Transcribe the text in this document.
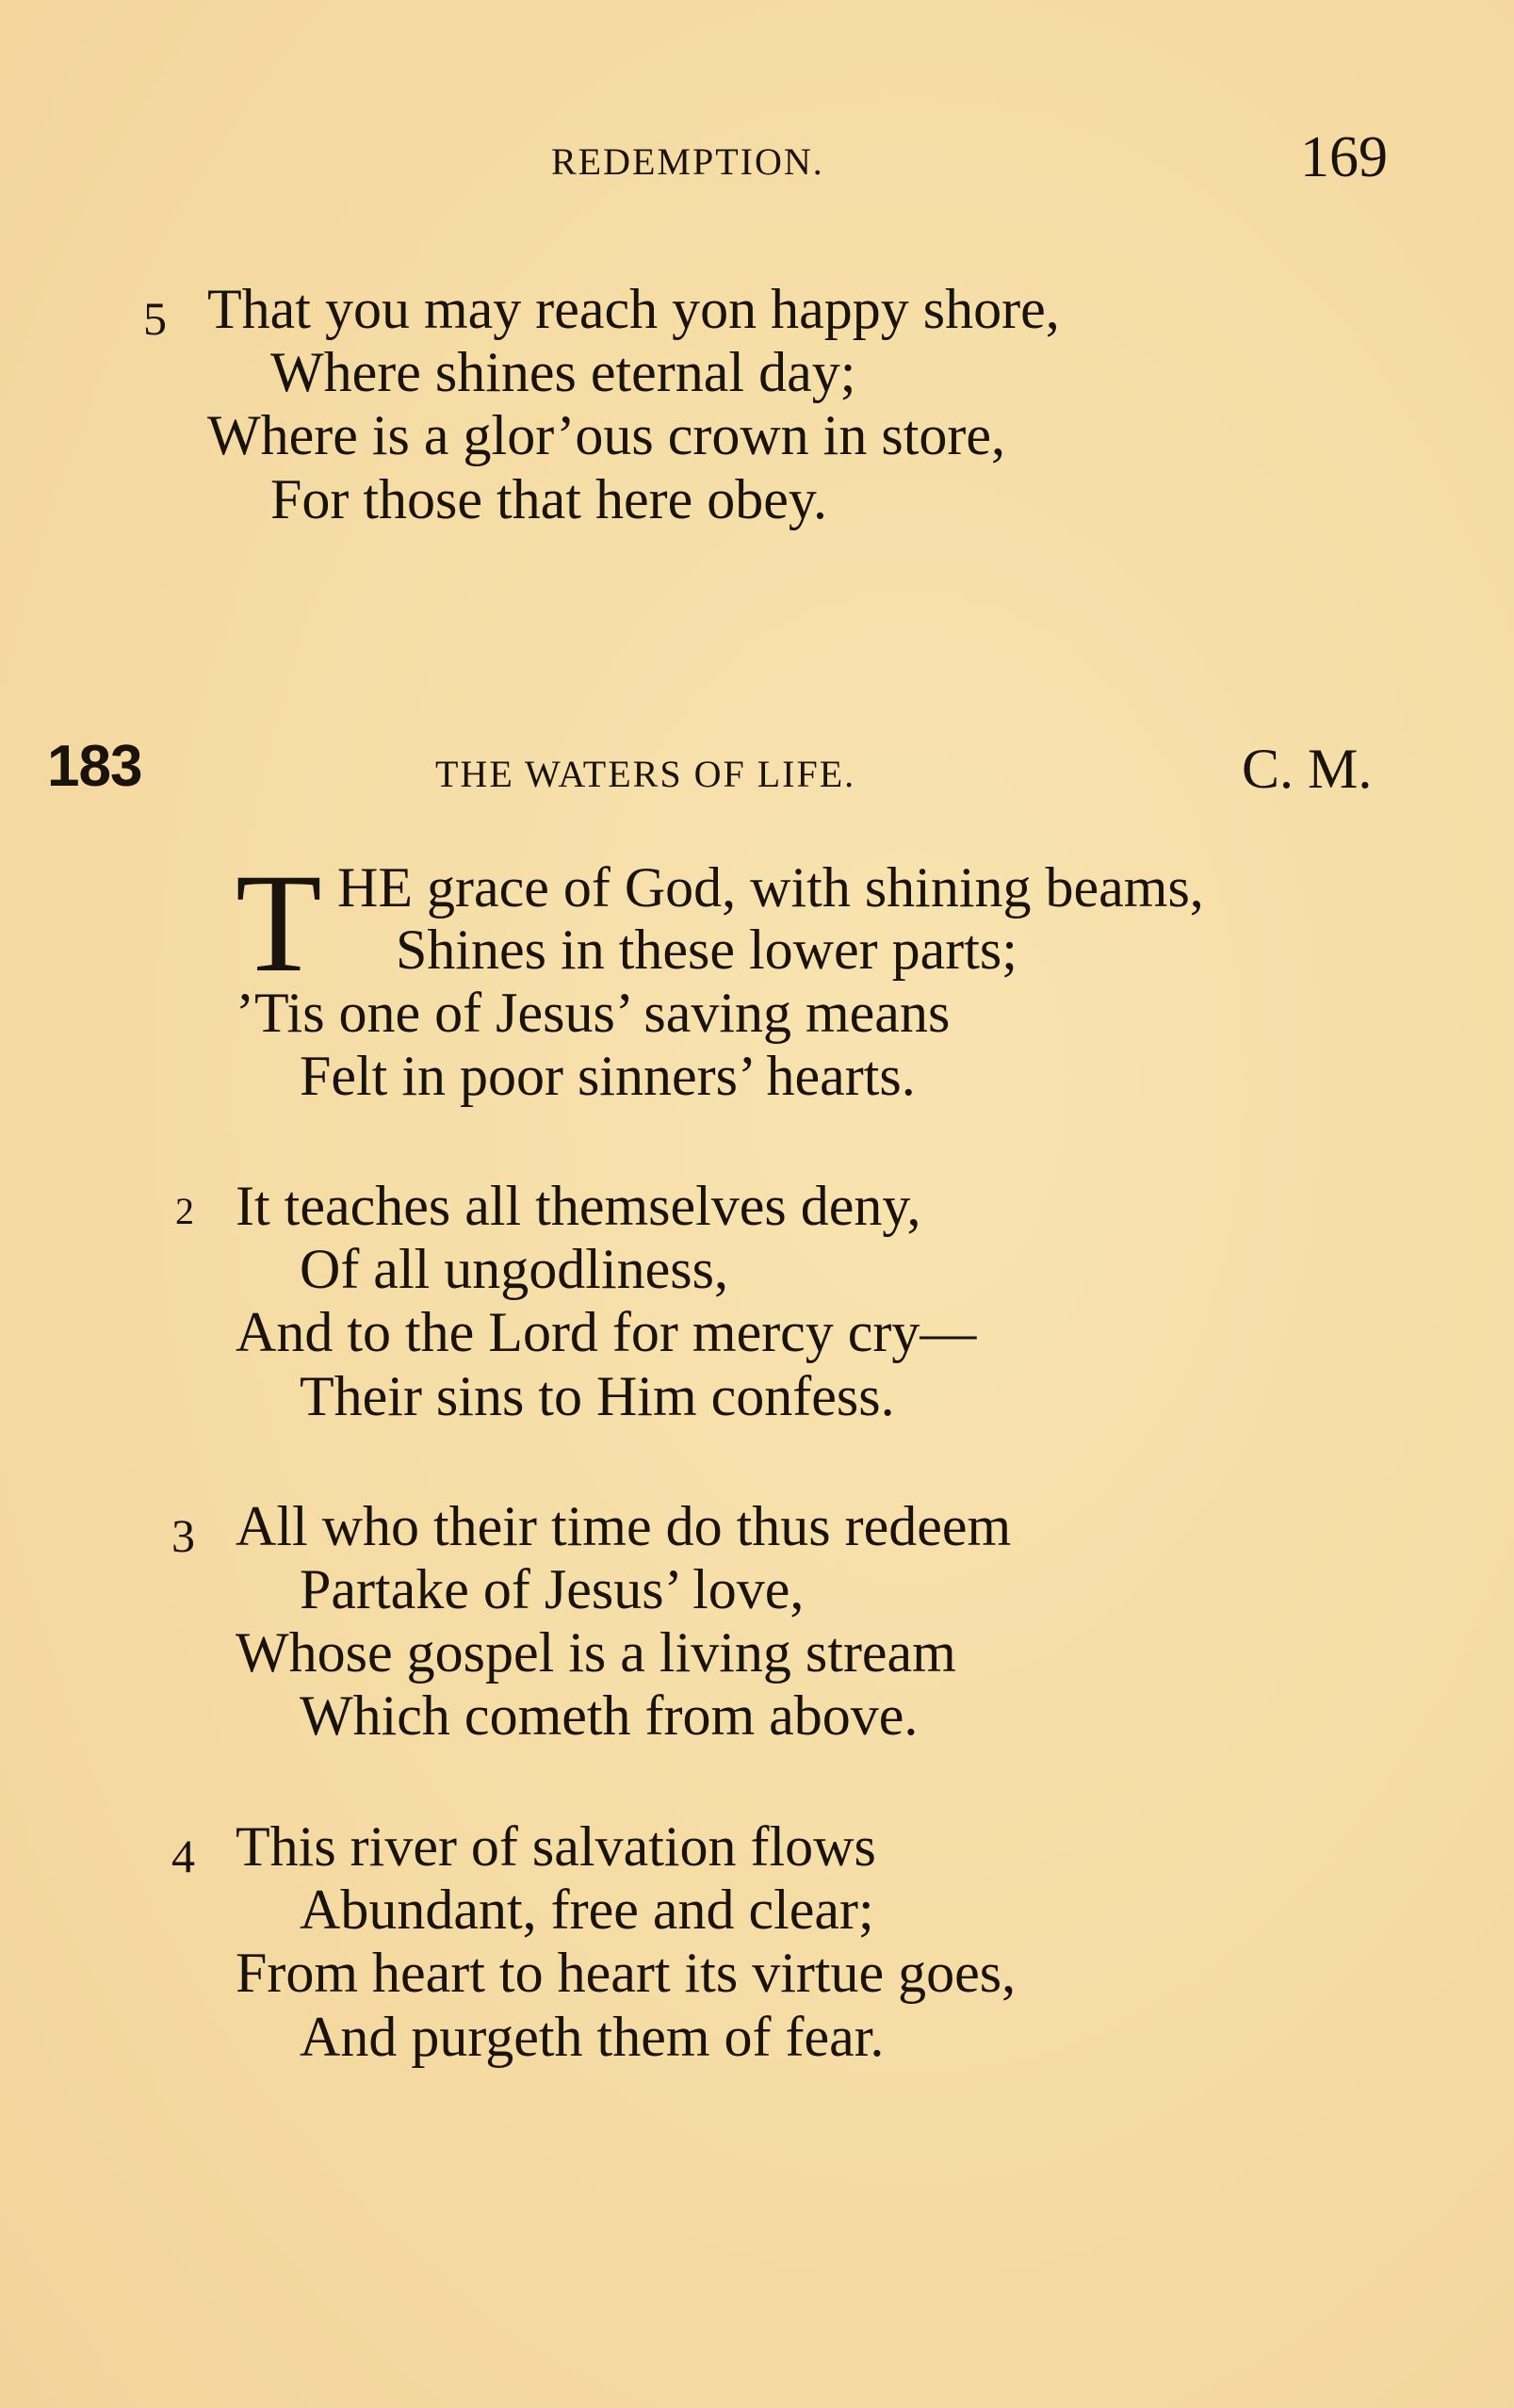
REDEMPTION.	169
5 That you may reach yon happy shore,
Where shines eternal day;
Where is a glor’ous crown in store,
For those that here obey.
183	THE WATERS OF LIFE.	C. M.
T HE grace of God, with shining beams,
Shines in these lower parts;
’Tis one of Jesus’ saving means
Felt in poor sinners’ hearts.
2 It teaches all themselves deny,
Of all ungodliness,
And to the Lord for mercy cry—
Their sins to Him confess.
3 All who their time do thus redeem
Partake of Jesus’ love,
Whose gospel is a living stream
Which cometh from above.
4 This river of salvation flows
Abundant, free and clear;
From heart to heart its virtue goes,
And purgeth them of fear.
